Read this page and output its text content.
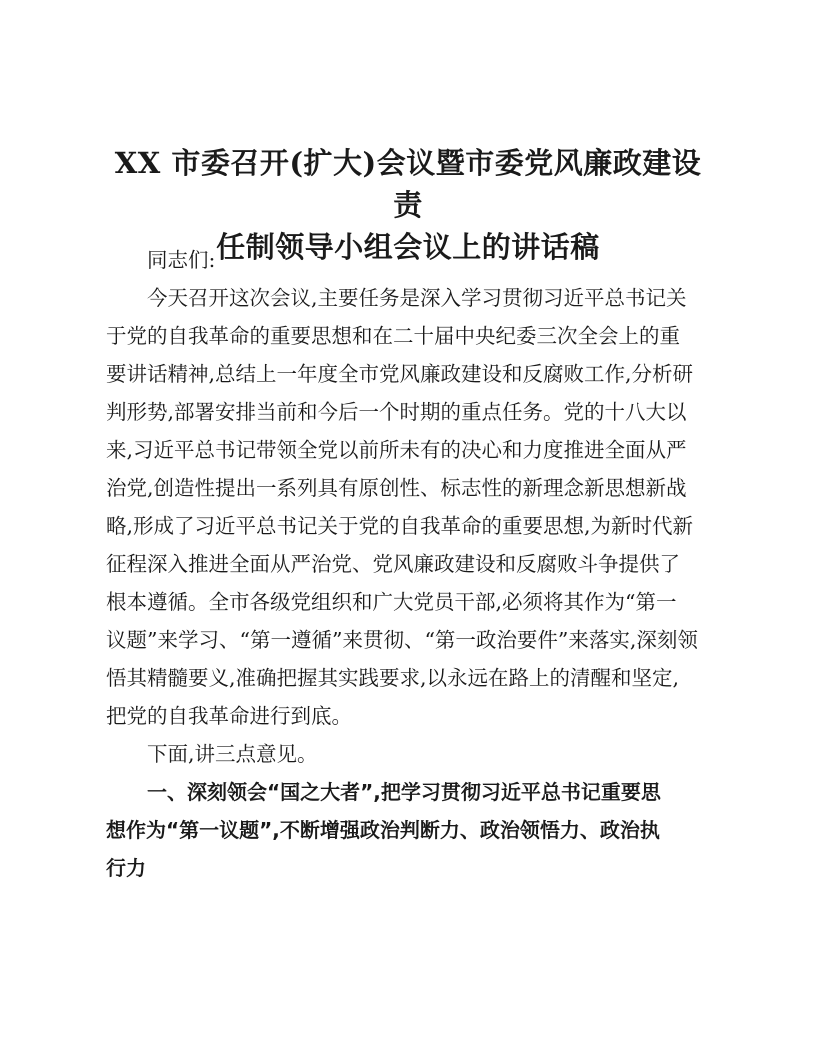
XX 市委召开(扩大)会议暨市委党风廉政建设责
任制领导小组会议上的讲话稿
同志们:
今天召开这次会议,主要任务是深入学习贯彻习近平总书记关
于党的自我革命的重要思想和在二十届中央纪委三次全会上的重
要讲话精神,总结上一年度全市党风廉政建设和反腐败工作,分析研
判形势,部署安排当前和今后一个时期的重点任务。党的十八大以
来,习近平总书记带领全党以前所未有的决心和力度推进全面从严
治党,创造性提出一系列具有原创性、标志性的新理念新思想新战
略,形成了习近平总书记关于党的自我革命的重要思想,为新时代新
征程深入推进全面从严治党、党风廉政建设和反腐败斗争提供了
根本遵循。全市各级党组织和广大党员干部,必须将其作为“第一
议题”来学习、“第一遵循”来贯彻、“第一政治要件”来落实,深刻领
悟其精髓要义,准确把握其实践要求,以永远在路上的清醒和坚定,
把党的自我革命进行到底。
下面,讲三点意见。
一、深刻领会“国之大者”,把学习贯彻习近平总书记重要思
想作为“第一议题”,不断增强政治判断力、政治领悟力、政治执
行力
